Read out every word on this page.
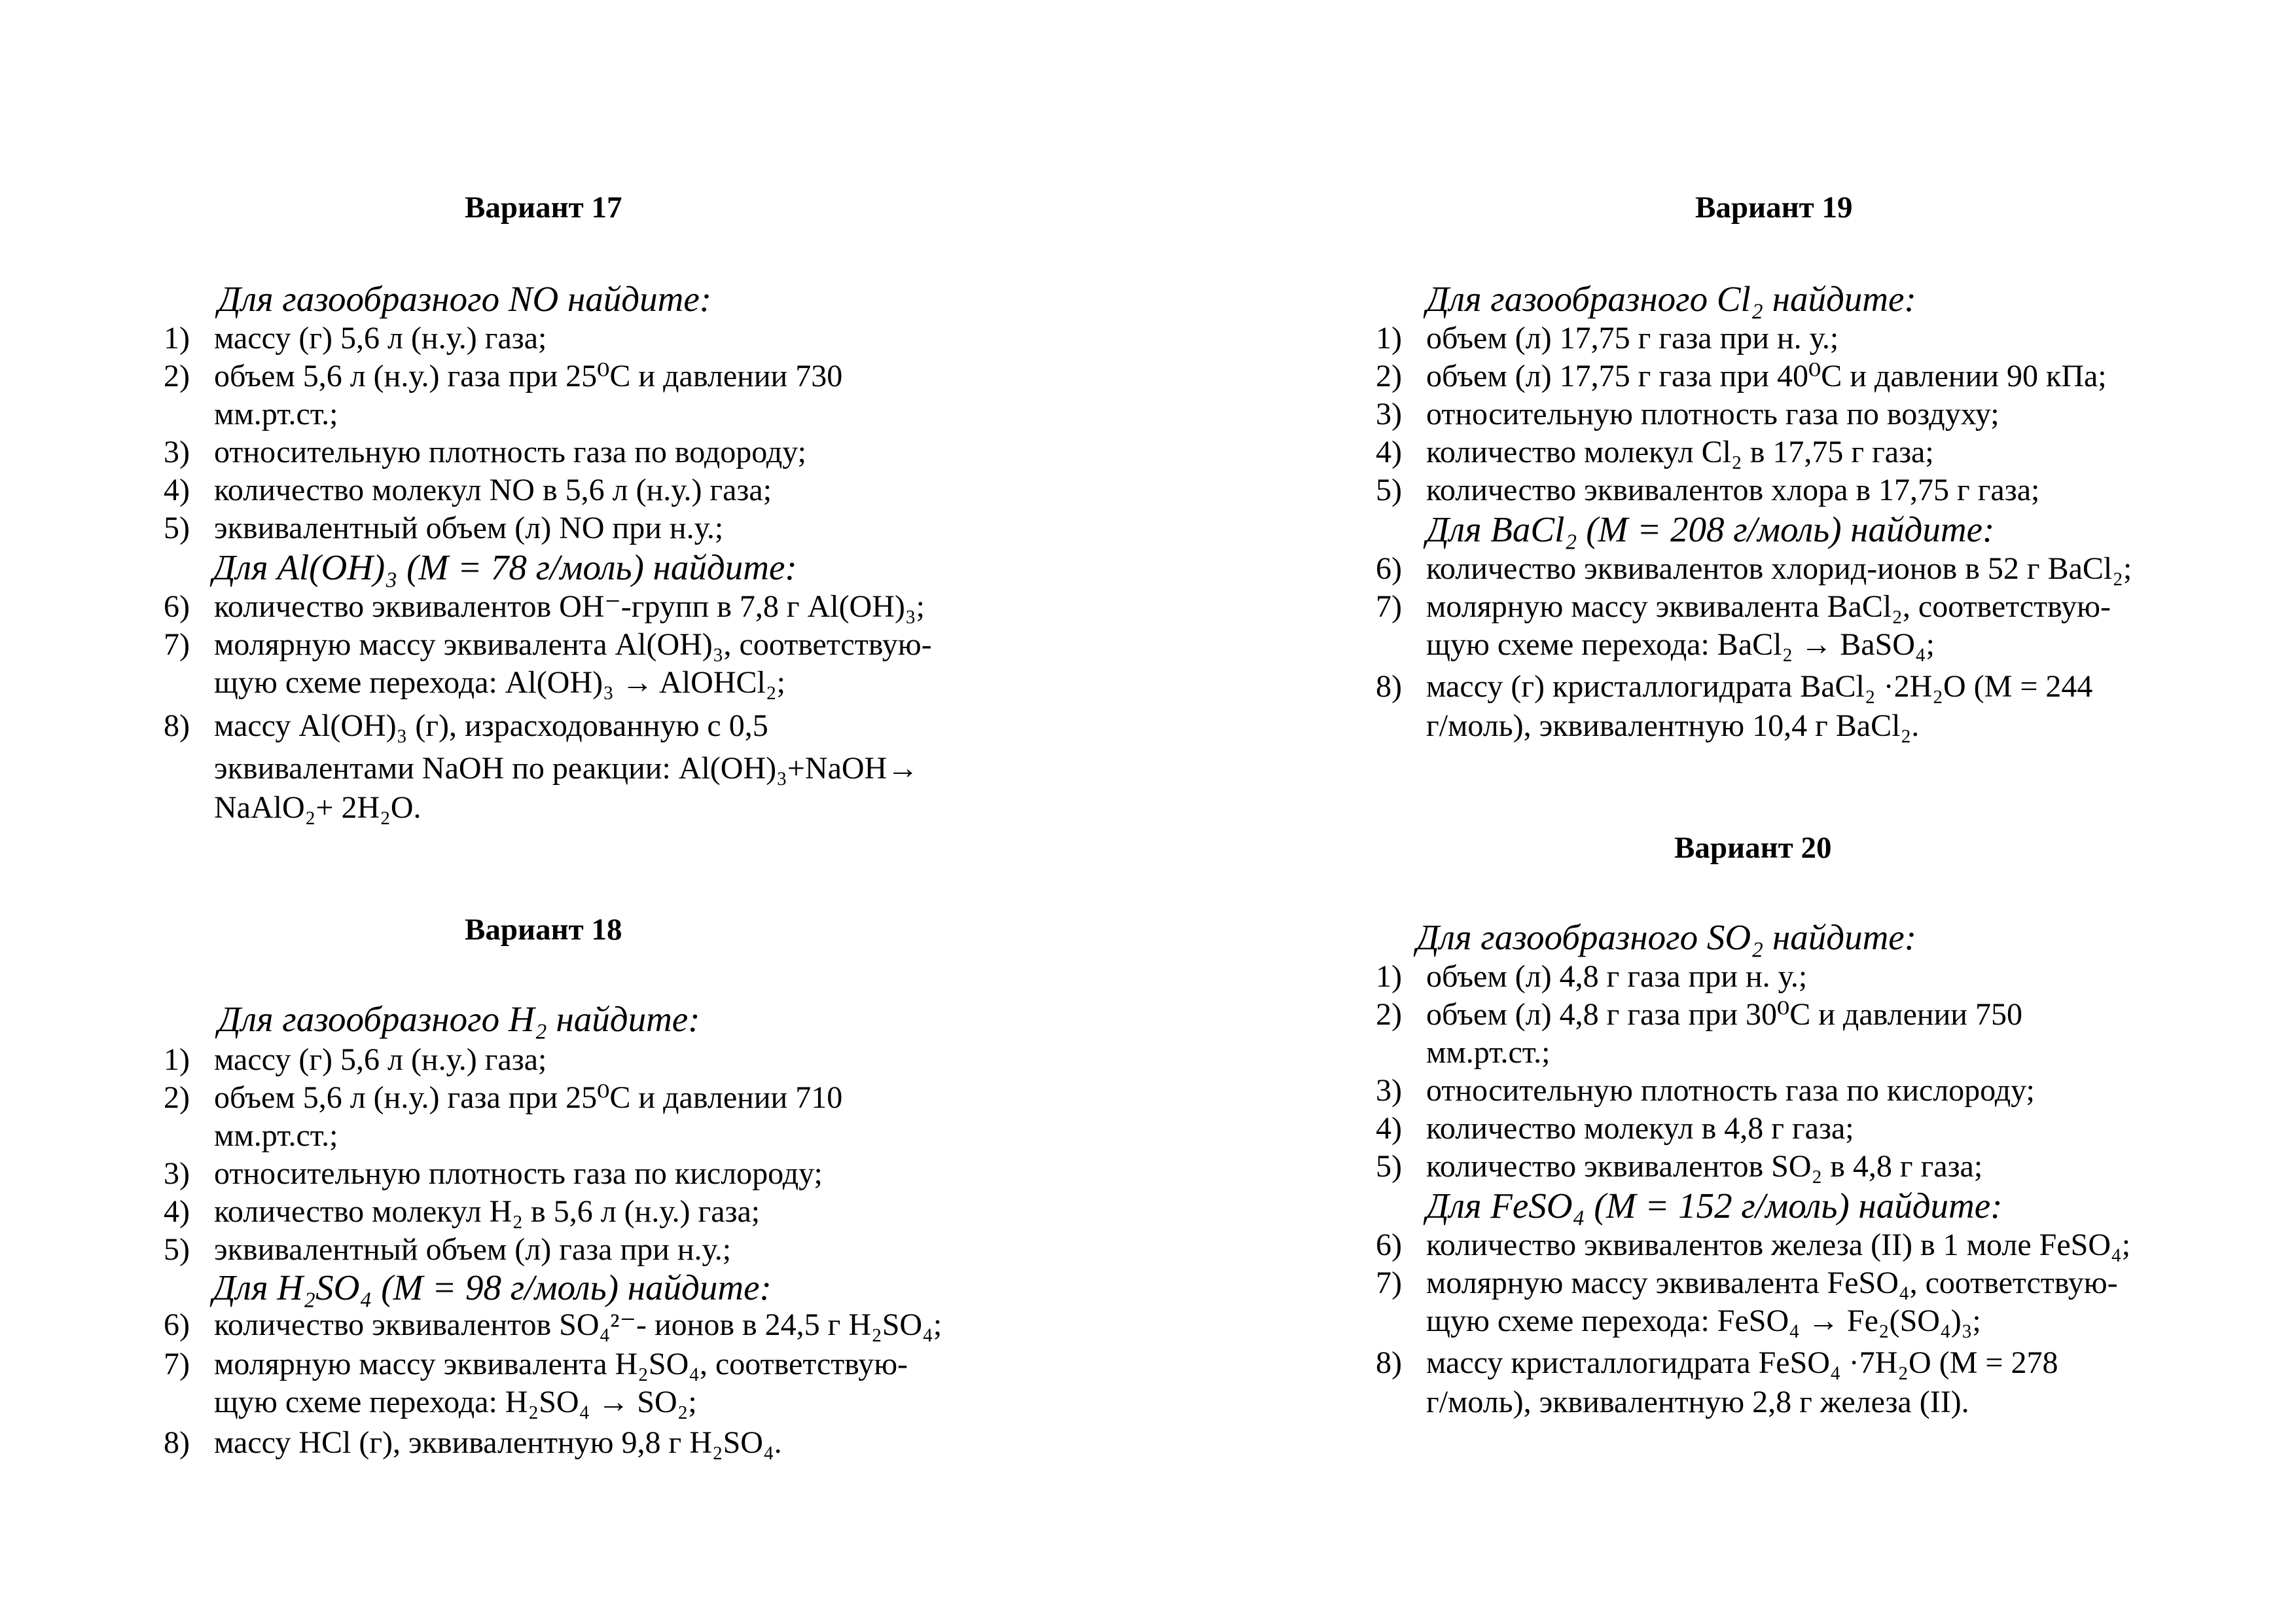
Вариант 17
Для газообразного NO найдите:
1) массу (г) 5,6 л (н.у.) газа;
2) объем 5,6 л (н.у.) газа при 25⁰С и давлении 730
мм.рт.ст.;
3) относительную плотность газа по водороду;
4) количество молекул NO в 5,6 л (н.у.) газа;
5) эквивалентный объем (л) NO при н.у.;
Для Al(OH)₃ (М = 78 г/моль) найдите:
6) количество эквивалентов OH⁻-групп в 7,8 г Al(OH)₃;
7) молярную массу эквивалента Al(OH)₃, соответствую-
щую схеме перехода: Al(OH)₃ → AlOHCl₂;
8) массу Al(OH)₃ (г), израсходованную с 0,5
эквивалентами NaOH по реакции: Al(OH)₃+NaOH→
NaAlO₂+ 2H₂O.
Вариант 18
Для газообразного H₂ найдите:
1) массу (г) 5,6 л (н.у.) газа;
2) объем 5,6 л (н.у.) газа при 25⁰С и давлении 710
мм.рт.ст.;
3) относительную плотность газа по кислороду;
4) количество молекул H₂ в 5,6 л (н.у.) газа;
5) эквивалентный объем (л) газа при н.у.;
Для H₂SO₄ (М = 98 г/моль) найдите:
6) количество эквивалентов SO₄²⁻- ионов в 24,5 г H₂SO₄;
7) молярную массу эквивалента H₂SO₄, соответствую-
щую схеме перехода: H₂SO₄ → SO₂;
8) массу HCl (г), эквивалентную 9,8 г H₂SO₄.
Вариант 19
Для газообразного Cl₂ найдите:
1) объем (л) 17,75 г газа при н. у.;
2) объем (л) 17,75 г газа при 40⁰С и давлении 90 кПа;
3) относительную плотность газа по воздуху;
4) количество молекул Cl₂ в 17,75 г газа;
5) количество эквивалентов хлора в 17,75 г газа;
Для BaCl₂ (М = 208 г/моль) найдите:
6) количество эквивалентов хлорид-ионов в 52 г BaCl₂;
7) молярную массу эквивалента BaCl₂, соответствую-
щую схеме перехода: BaCl₂ → BaSO₄;
8) массу (г) кристаллогидрата BaCl₂ ·2H₂O (М = 244
г/моль), эквивалентную 10,4 г BaCl₂.
Вариант 20
Для газообразного SO₂ найдите:
1) объем (л) 4,8 г газа при н. у.;
2) объем (л) 4,8 г газа при 30⁰С и давлении 750
мм.рт.ст.;
3) относительную плотность газа по кислороду;
4) количество молекул в 4,8 г газа;
5) количество эквивалентов SO₂ в 4,8 г газа;
Для FeSO₄ (М = 152 г/моль) найдите:
6) количество эквивалентов железа (II) в 1 моле FeSO₄;
7) молярную массу эквивалента FeSO₄, соответствую-
щую схеме перехода: FeSO₄ → Fe₂(SO₄)₃;
8) массу кристаллогидрата FeSO₄ ·7H₂O (М = 278
г/моль), эквивалентную 2,8 г железа (II).
